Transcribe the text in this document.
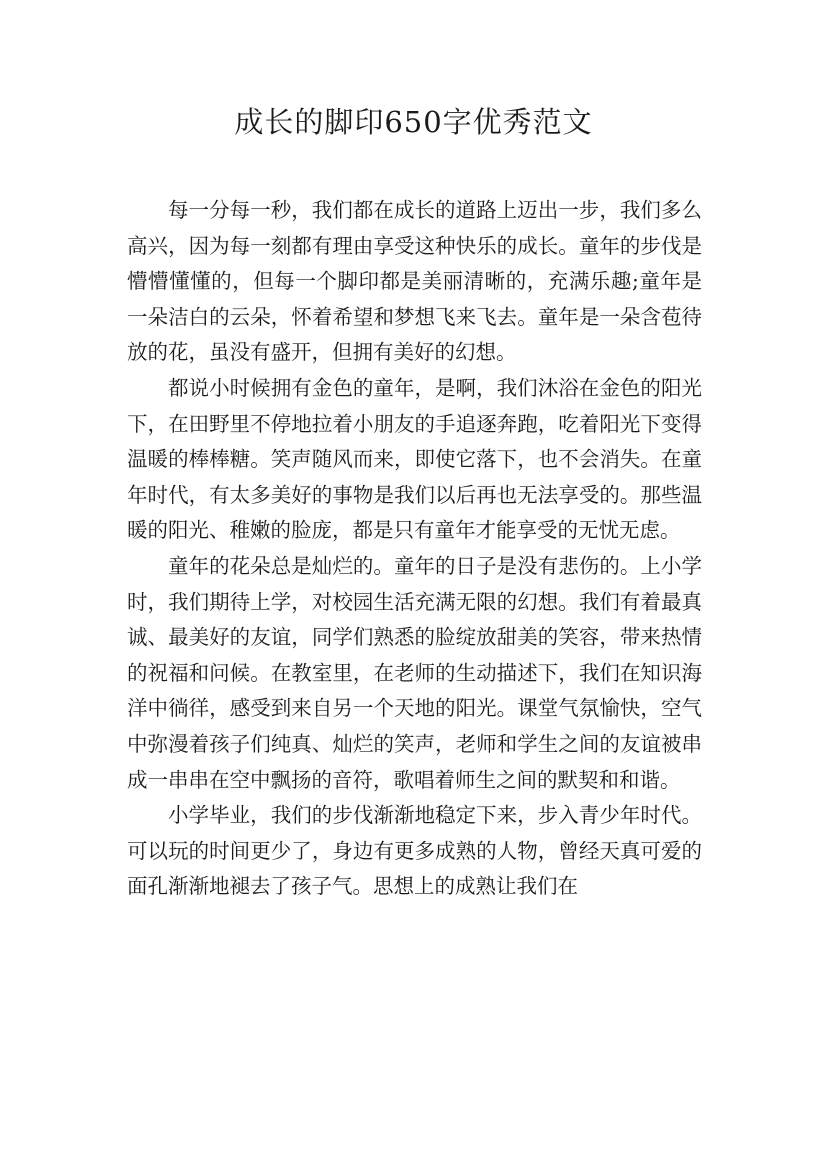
成长的脚印650字优秀范文

每一分每一秒，我们都在成长的道路上迈出一步，我们多么高兴，因为每一刻都有理由享受这种快乐的成长。童年的步伐是懵懵懂懂的，但每一个脚印都是美丽清晰的，充满乐趣;童年是一朵洁白的云朵，怀着希望和梦想飞来飞去。童年是一朵含苞待放的花，虽没有盛开，但拥有美好的幻想。

都说小时候拥有金色的童年，是啊，我们沐浴在金色的阳光下，在田野里不停地拉着小朋友的手追逐奔跑，吃着阳光下变得温暖的棒棒糖。笑声随风而来，即使它落下，也不会消失。在童年时代，有太多美好的事物是我们以后再也无法享受的。那些温暖的阳光、稚嫩的脸庞，都是只有童年才能享受的无忧无虑。

童年的花朵总是灿烂的。童年的日子是没有悲伤的。上小学时，我们期待上学，对校园生活充满无限的幻想。我们有着最真诚、最美好的友谊，同学们熟悉的脸绽放甜美的笑容，带来热情的祝福和问候。在教室里，在老师的生动描述下，我们在知识海洋中徜徉，感受到来自另一个天地的阳光。课堂气氛愉快，空气中弥漫着孩子们纯真、灿烂的笑声，老师和学生之间的友谊被串成一串串在空中飘扬的音符，歌唱着师生之间的默契和和谐。

小学毕业，我们的步伐渐渐地稳定下来，步入青少年时代。可以玩的时间更少了，身边有更多成熟的人物，曾经天真可爱的面孔渐渐地褪去了孩子气。思想上的成熟让我们在
